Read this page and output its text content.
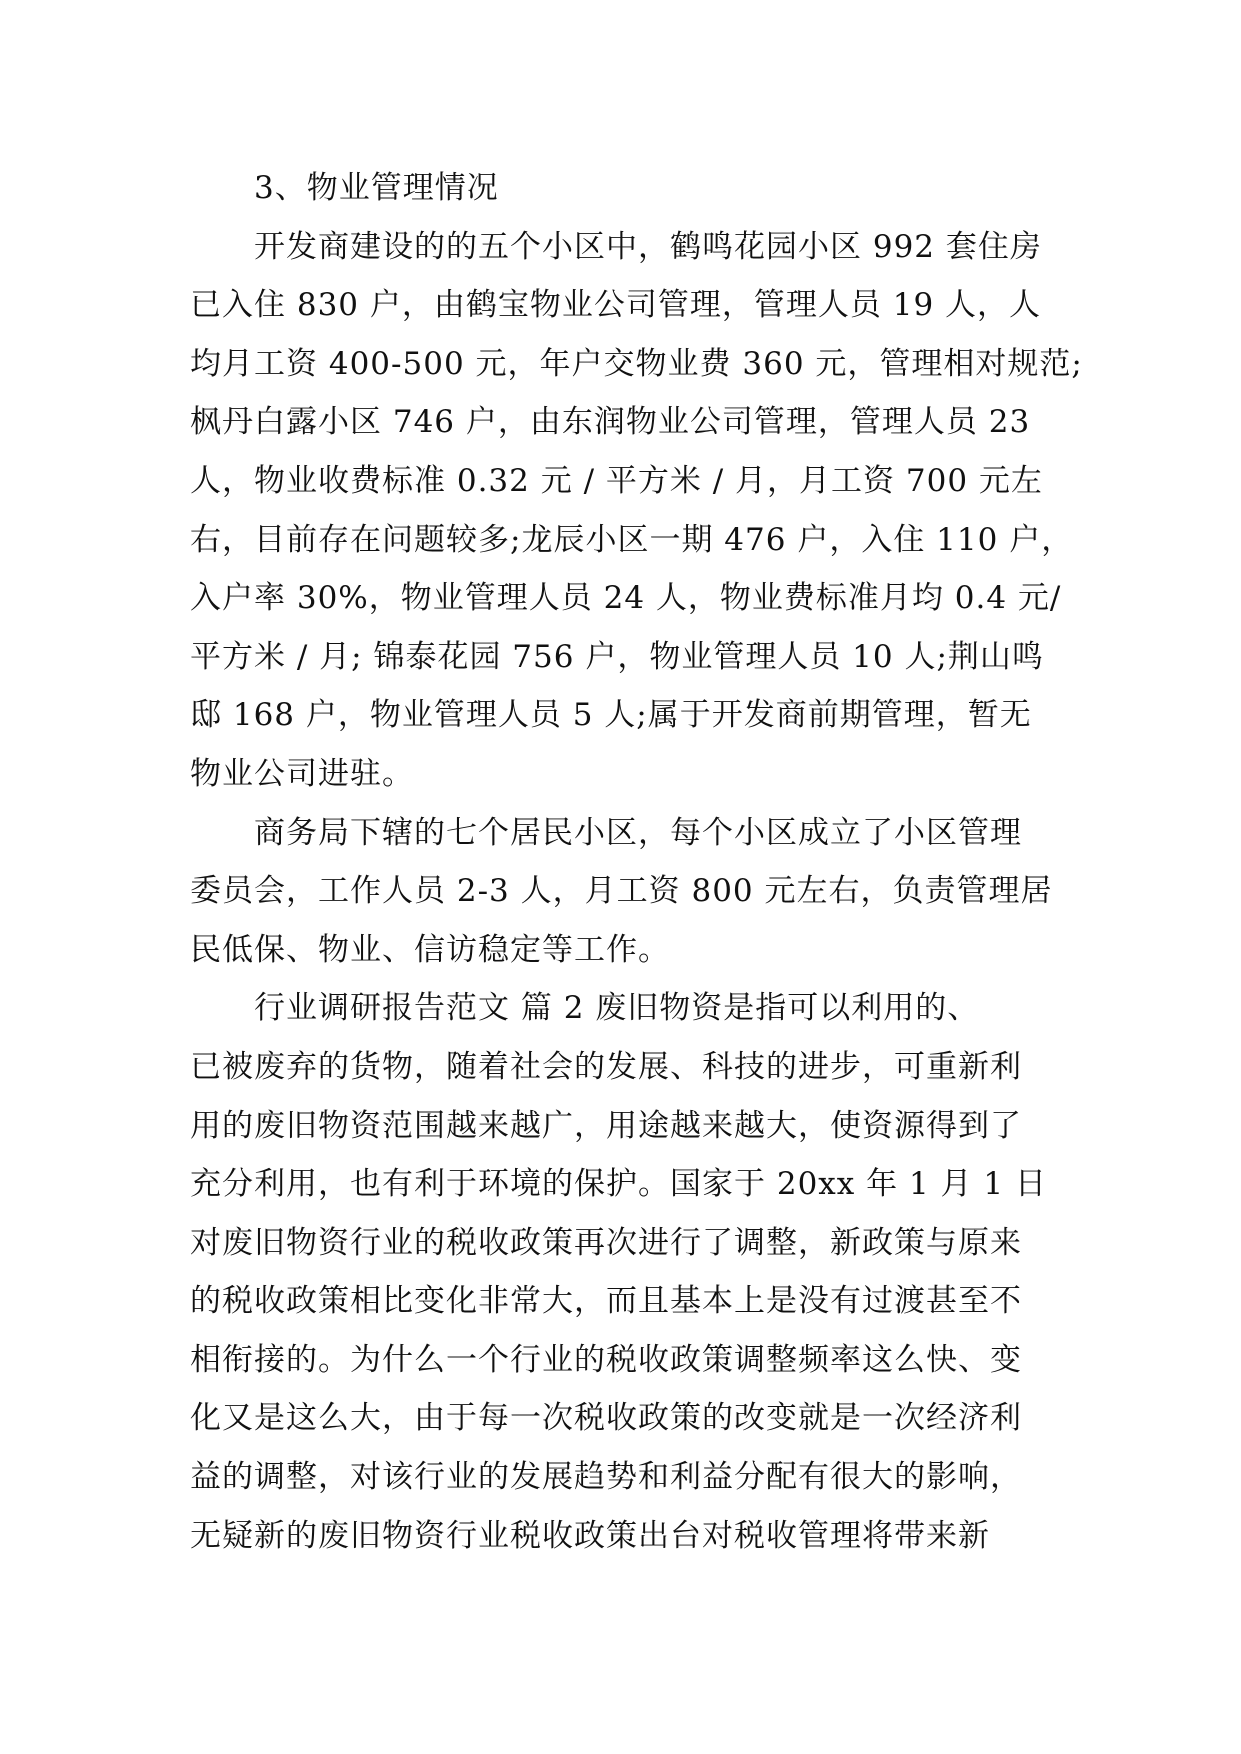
3、物业管理情况
开发商建设的的五个小区中，鹤鸣花园小区 992 套住房
已入住 830 户，由鹤宝物业公司管理，管理人员 19 人，人
均月工资 400-500 元，年户交物业费 360 元，管理相对规范;
枫丹白露小区 746 户，由东润物业公司管理，管理人员 23
人，物业收费标准 0.32 元 / 平方米 / 月，月工资 700 元左
右，目前存在问题较多;龙辰小区一期 476 户，入住 110 户，
入户率 30%，物业管理人员 24 人，物业费标准月均 0.4 元/
平方米 / 月; 锦泰花园 756 户，物业管理人员 10 人;荆山鸣
邸 168 户，物业管理人员 5 人;属于开发商前期管理，暂无
物业公司进驻。
商务局下辖的七个居民小区，每个小区成立了小区管理
委员会，工作人员 2-3 人，月工资 800 元左右，负责管理居
民低保、物业、信访稳定等工作。
行业调研报告范文 篇 2 废旧物资是指可以利用的、
已被废弃的货物，随着社会的发展、科技的进步，可重新利
用的废旧物资范围越来越广，用途越来越大，使资源得到了
充分利用，也有利于环境的保护。国家于 20xx 年 1 月 1 日
对废旧物资行业的税收政策再次进行了调整，新政策与原来
的税收政策相比变化非常大，而且基本上是没有过渡甚至不
相衔接的。为什么一个行业的税收政策调整频率这么快、变
化又是这么大，由于每一次税收政策的改变就是一次经济利
益的调整，对该行业的发展趋势和利益分配有很大的影响，
无疑新的废旧物资行业税收政策出台对税收管理将带来新
